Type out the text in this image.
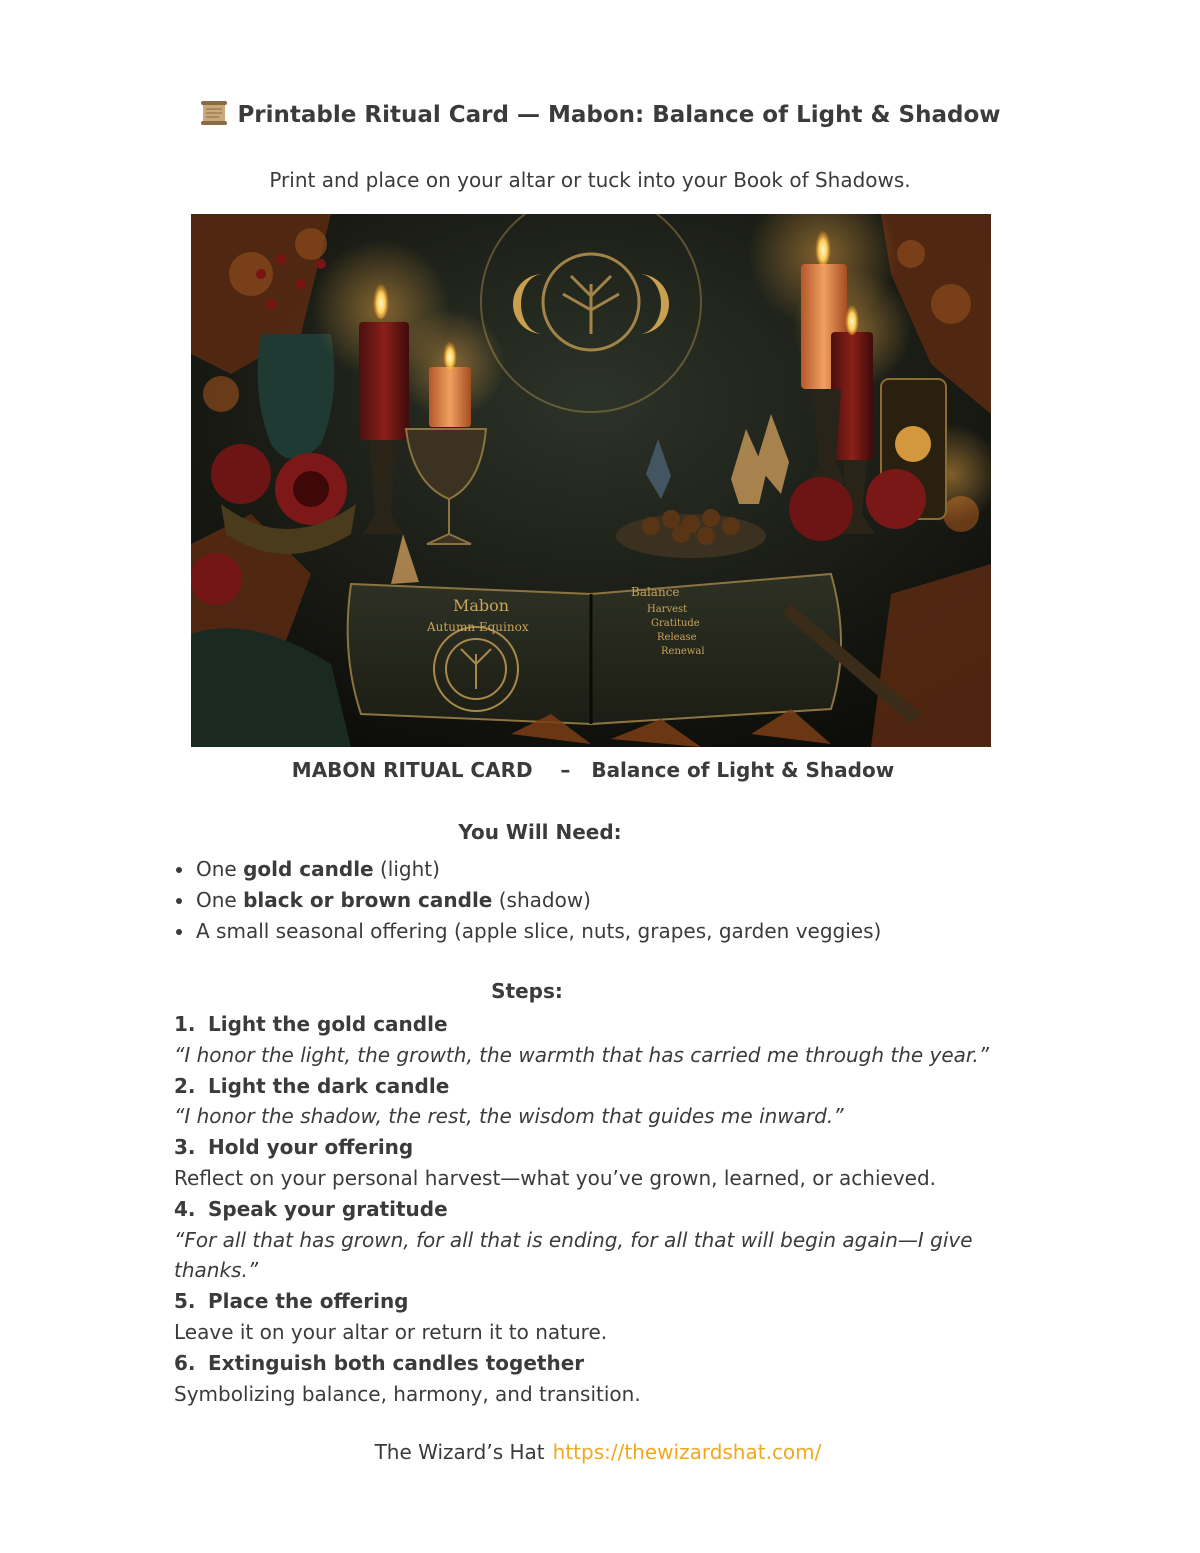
Printable Ritual Card — Mabon: Balance of Light & Shadow
Print and place on your altar or tuck into your Book of Shadows.
Mabon
Autumn Equinox
Balance
Harvest
Gratitude
Release
Renewal
MABON RITUAL CARD    –   Balance of Light & Shadow
You Will Need:
One gold candle (light)
One black or brown candle (shadow)
A small seasonal offering (apple slice, nuts, grapes, garden veggies)
Steps:
1. Light the gold candle
“I honor the light, the growth, the warmth that has carried me through the year.”
2. Light the dark candle
“I honor the shadow, the rest, the wisdom that guides me inward.”
3. Hold your offering
Reflect on your personal harvest—what you’ve grown, learned, or achieved.
4. Speak your gratitude
“For all that has grown, for all that is ending, for all that will begin again—I give thanks.”
5. Place the offering
Leave it on your altar or return it to nature.
6. Extinguish both candles together
Symbolizing balance, harmony, and transition.
The Wizard’s Hat https://thewizardshat.com/
